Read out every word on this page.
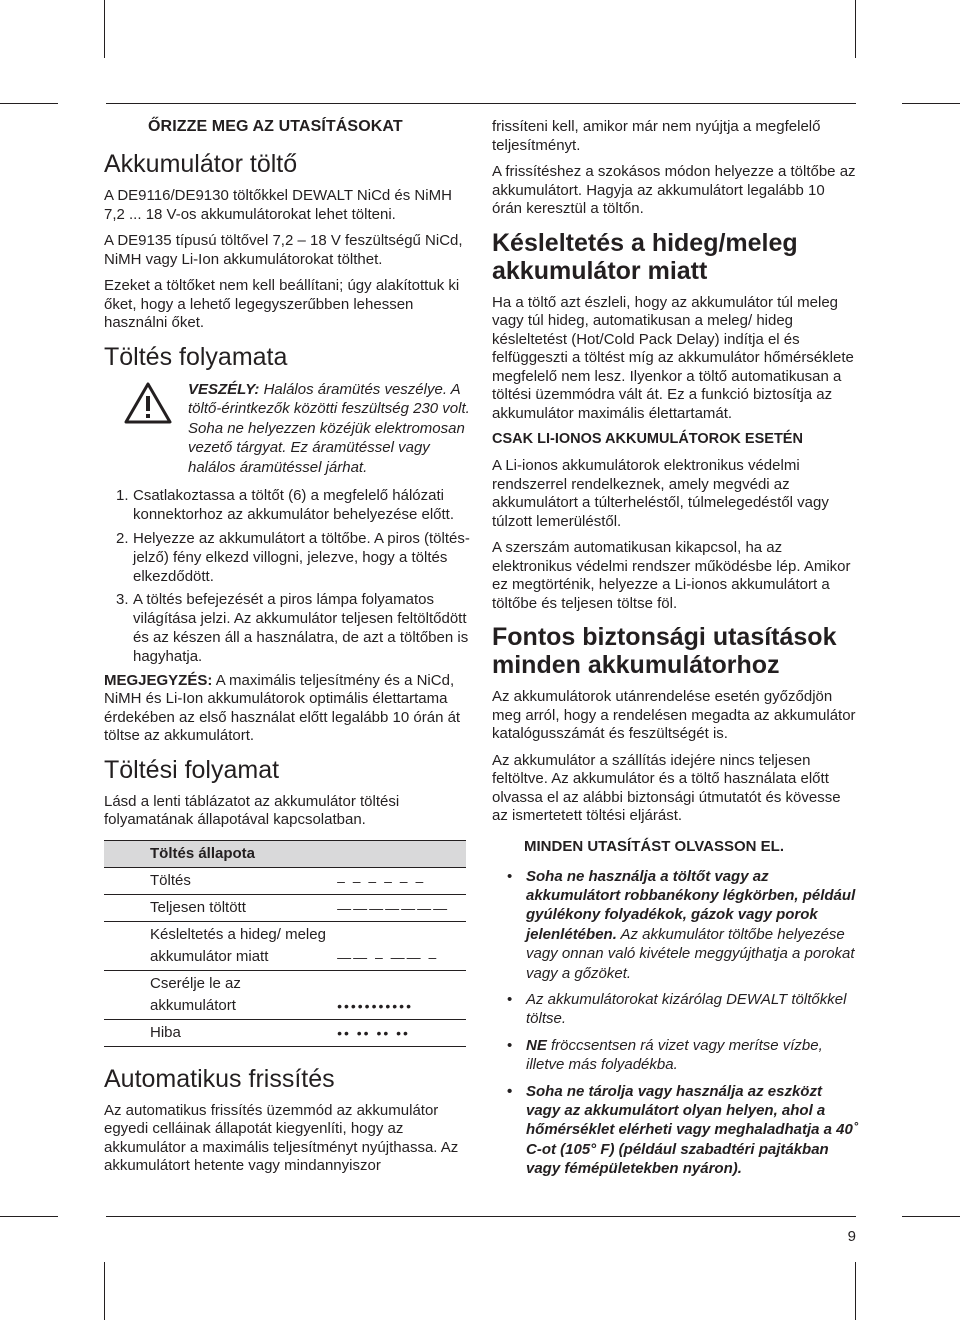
ŐRIZZE MEG AZ UTASÍTÁSOKAT
Akkumulátor töltő

A DE9116/DE9130 töltőkkel DEWALT NiCd és NiMH 7,2 ... 18 V-os akkumulátorokat lehet tölteni.

A DE9135 típusú töltővel 7,2 – 18 V feszültségű NiCd, NiMH vagy Li-Ion akkumulátorokat tölthet.

Ezeket a töltőket nem kell beállítani; úgy alakítottuk ki őket, hogy a lehető legegyszerűbben lehessen használni őket.

Töltés folyamata
VESZÉLY: Halálos áramütés veszélye. A töltő-érintkezők közötti feszültség 230 volt. Soha ne helyezzen közéjük elektromosan vezető tárgyat. Ez áramütéssel vagy halálos áramütéssel járhat.
1. Csatlakoztassa a töltőt (6) a megfelelő hálózati konnektorhoz az akkumulátor behelyezése előtt.
2. Helyezze az akkumulátort a töltőbe. A piros (töltés-jelző) fény elkezd villogni, jelezve, hogy a töltés elkezdődött.
3. A töltés befejezését a piros lámpa folyamatos világítása jelzi. Az akkumulátor teljesen feltöltődött és az készen áll a használatra, de azt a töltőben is hagyhatja.

MEGJEGYZÉS: A maximális teljesítmény és a NiCd, NiMH és Li-Ion akkumulátorok optimális élettartama érdekében az első használat előtt legalább 10 órán át töltse az akkumulátort.

Töltési folyamat

Lásd a lenti táblázatot az akkumulátor töltési folyamatának állapotával kapcsolatban.

Töltés állapota	
Töltés	– – – – – –
Teljesen töltött	———————
Késleltetés a hideg/ meleg akkumulátor miatt	—— – —— –
Cserélje le az akkumulátort	•••••••••••
Hiba	•• •• •• ••
Automatikus frissítés

Az automatikus frissítés üzemmód az akkumulátor egyedi celláinak állapotát kiegyenlíti, hogy az akkumulátor a maximális teljesítményt nyújthassa. Az akkumulátort hetente vagy mindannyiszor

frissíteni kell, amikor már nem nyújtja a megfelelő teljesítményt.

A frissítéshez a szokásos módon helyezze a töltőbe az akkumulátort. Hagyja az akkumulátort legalább 10 órán keresztül a töltőn.

Késleltetés a hideg/meleg akkumulátor miatt

Ha a töltő azt észleli, hogy az akkumulátor túl meleg vagy túl hideg, automatikusan a meleg/ hideg késleltetést (Hot/Cold Pack Delay) indítja el és felfüggeszti a töltést míg az akkumulátor hőmérséklete megfelelő nem lesz. Ilyenkor a töltő automatikusan a töltési üzemmódra vált át. Ez a funkció biztosítja az akkumulátor maximális élettartamát.

CSAK LI-IONOS AKKUMULÁTOROK ESETÉN

A Li-ionos akkumulátorok elektronikus védelmi rendszerrel rendelkeznek, amely megvédi az akkumulátort a túlterheléstől, túlmelegedéstől vagy túlzott lemerüléstől.

A szerszám automatikusan kikapcsol, ha az elektronikus védelmi rendszer működésbe lép. Amikor ez megtörténik, helyezze a Li-ionos akkumulátort a töltőbe és teljesen töltse föl.

Fontos biztonsági utasítások minden akkumulátorhoz

Az akkumulátorok utánrendelése esetén győződjön meg arról, hogy a rendelésen megadta az akkumulátor katalógusszámát és feszültségét is.

Az akkumulátor a szállítás idejére nincs teljesen feltöltve. Az akkumulátor és a töltő használata előtt olvassa el az alábbi biztonsági útmutatót és kövesse az ismertetett töltési eljárást.

MINDEN UTASÍTÁST OLVASSON EL.
• Soha ne használja a töltőt vagy az akkumulátort robbanékony légkörben, például gyúlékony folyadékok, gázok vagy porok jelenlétében. Az akkumulátor töltőbe helyezése vagy onnan való kivétele meggyújthatja a porokat vagy a gőzöket.
• Az akkumulátorokat kizárólag DEWALT töltőkkel töltse.
• NE fröccsentsen rá vizet vagy merítse vízbe, illetve más folyadékba.
• Soha ne tárolja vagy használja az eszközt vagy az akkumulátort olyan helyen, ahol a hőmérséklet elérheti vagy meghaladhatja a 40˚ C-ot (105° F) (például szabadtéri pajtákban vagy fémépületekben nyáron).
9
